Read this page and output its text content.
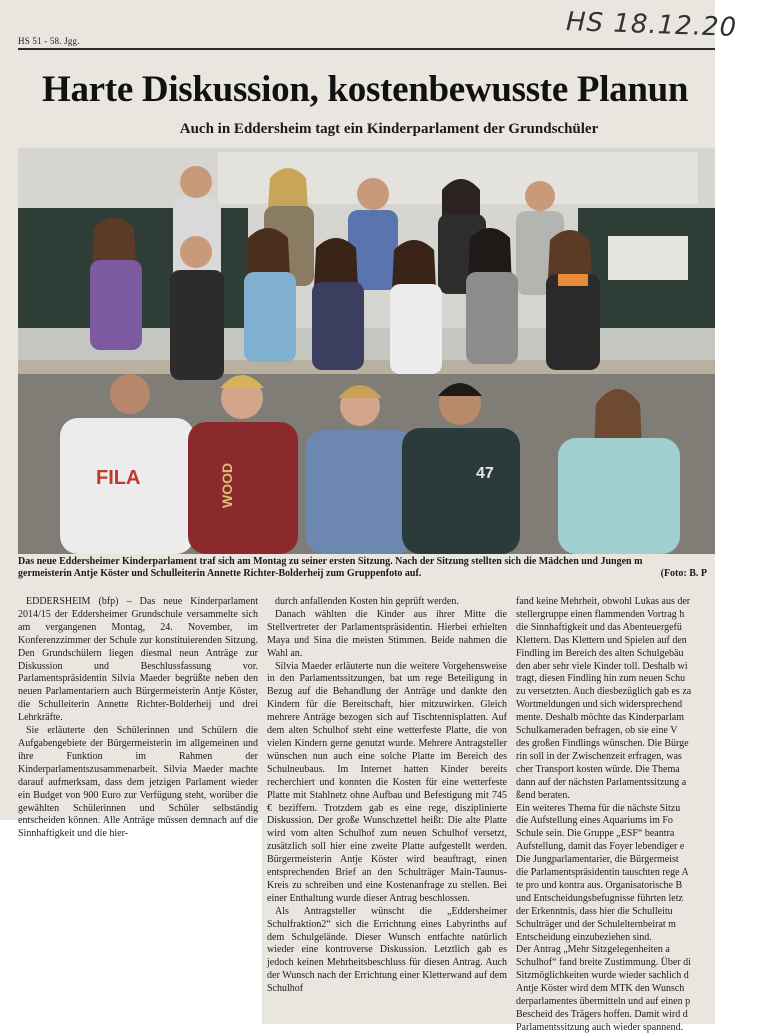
HS 51 - 58. Jgg.	HS 18.12.20
Harte Diskussion, kostenbewusste Planun
Auch in Eddersheim tagt ein Kinderparlament der Grundschüler
FILA	WOOD	47
Das neue Eddersheimer Kinderparlament traf sich am Montag zu seiner ersten Sitzung. Nach der Sitzung stellten sich die Mädchen und Jungen m
germeisterin Antje Köster und Schulleiterin Annette Richter-Bolderheij zum Gruppenfoto auf.	(Foto: B. P

EDDERSHEIM (bfp) – Das neue Kinderparlament 2014/15 der Eddersheimer Grundschule versammelte sich am vergangenen Montag, 24. November, im Konferenzzimmer der Schule zur konstituierenden Sitzung. Den Grundschülern liegen diesmal neun Anträge zur Diskussion und Beschlussfassung vor. Parlamentspräsidentin Silvia Maeder begrüßte neben den neuen Parlamentariern auch Bürgermeisterin Antje Köster, die Schulleiterin Annette Richter-Bolderheij und drei Lehrkräfte.

Sie erläuterte den Schülerinnen und Schülern die Aufgabengebiete der Bürgermeisterin im allgemeinen und ihre Funktion im Rahmen der Kinderparlamentszusammenarbeit. Silvia Maeder machte darauf aufmerksam, dass dem jetzigen Parlament wieder ein Budget von 900 Euro zur Verfügung steht, worüber die gewählten Schülerinnen und Schüler selbständig entscheiden können. Alle Anträge müssen demnach auf die Sinnhaftigkeit und die hier-

durch anfallenden Kosten hin geprüft werden.

Danach wählten die Kinder aus ihrer Mitte die Stellvertreter der Parlamentspräsidentin. Hierbei erhielten Maya und Sina die meisten Stimmen. Beide nahmen die Wahl an.

Silvia Maeder erläuterte nun die weitere Vorgehensweise in den Parlamentssitzungen, bat um rege Beteiligung in Bezug auf die Behandlung der Anträge und dankte den Kindern für die Bereitschaft, hier mitzuwirken. Gleich mehrere Anträge bezogen sich auf Tischtennisplatten. Auf dem alten Schulhof steht eine wetterfeste Platte, die von vielen Kindern gerne genutzt wurde. Mehrere Antragsteller wünschen nun auch eine solche Platte im Bereich des Schulneubaus. Im Internet hatten Kinder bereits recherchiert und konnten die Kosten für eine wetterfeste Platte mit Stahlnetz ohne Aufbau und Befestigung mit 745 € beziffern. Trotzdem gab es eine rege, disziplinierte Diskussion. Der große Wunschzettel heißt: Die alte Platte wird vom alten Schulhof zum neuen Schulhof versetzt, zusätzlich soll hier eine zweite Platte aufgestellt werden. Bürgermeisterin Antje Köster wird beauftragt, einen entsprechenden Brief an den Schulträger Main-Taunus-Kreis zu schreiben und eine Kostenanfrage zu stellen. Bei einer Enthaltung wurde dieser Antrag beschlossen.

Als Antragsteller wünscht die „Eddersheimer Schulfraktion2“ sich die Errichtung eines Labyrinths auf dem Schulgelände. Dieser Wunsch entfachte natürlich wieder eine kontroverse Diskussion. Letztlich gab es jedoch keinen Mehrheitsbeschluss für diesen Antrag. Auch der Wunsch nach der Errichtung einer Kletterwand auf dem Schulhof

fand keine Mehrheit, obwohl Lukas aus der

stellergruppe einen flammenden Vortrag h

die Sinnhaftigkeit und das Abenteuergefü

Klettern. Das Klettern und Spielen auf den

Findling im Bereich des alten Schulgebäu

den aber sehr viele Kinder toll. Deshalb wi

tragt, diesen Findling hin zum neuen Schu

zu versetzten. Auch diesbezüglich gab es za

Wortmeldungen und sich widersprechend

mente. Deshalb möchte das Kinderparlam

Schulkameraden befragen, ob sie eine V

des großen Findlings wünschen. Die Bürge

rin soll in der Zwischenzeit erfragen, was

cher Transport kosten würde. Die Thema

dann auf der nächsten Parlamentssitzung a

ßend beraten.

Ein weiteres Thema für die nächste Sitzu

die Aufstellung eines Aquariums im Fo

Schule sein. Die Gruppe „ESF“ beantra

Aufstellung, damit das Foyer lebendiger e

Die Jungparlamentarier, die Bürgermeist

die Parlamentspräsidentin tauschten rege A

te pro und kontra aus. Organisatorische B

und Entscheidungsbefugnisse führten letz

der Erkenntnis, dass hier die Schulleitu

Schulträger und der Schulelternbeirat m

Entscheidung einzubeziehen sind.

Der Antrag „Mehr Sitzgelegenheiten a

Schulhof“ fand breite Zustimmung. Über di

Sitzmöglichkeiten wurde wieder sachlich d

Antje Köster wird dem MTK den Wunsch

derparlamentes übermitteln und auf einen p

Bescheid des Trägers hoffen. Damit wird d

Parlamentssitzung auch wieder spannend.
